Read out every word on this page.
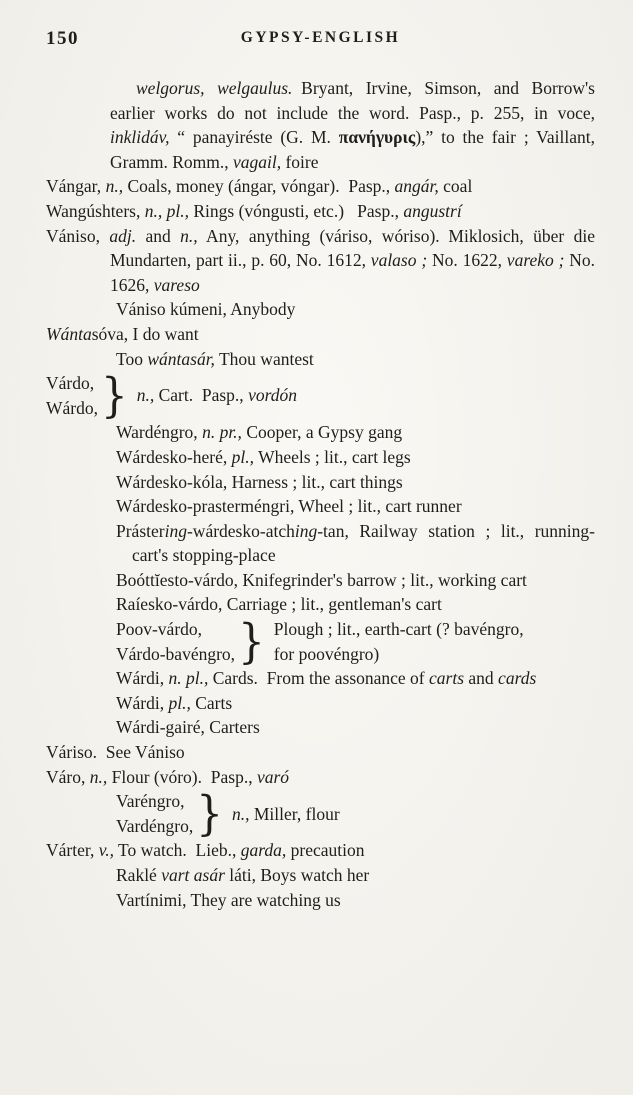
150	GYPSY-ENGLISH

welgorus, welgaulus. Bryant, Irvine, Simson, and Borrow's earlier works do not include the word. Pasp., p. 255, in voce, inklidáv, “ panayiréste (G. M. πανήγυρις),” to the fair ; Vaillant, Gramm. Romm., vagail, foire

Vángar, n., Coals, money (ángar, vóngar). Pasp., angár, coal

Wangúshters, n., pl., Rings (vóngusti, etc.)  Pasp., angustrí

Vániso, adj. and n., Any, anything (váriso, wóriso). Miklosich, über die Mundarten, part ii., p. 60, No. 1612, valaso ; No. 1622, vareko ; No. 1626, vareso

Vániso kúmeni, Anybody

Wántasóva, I do want

Too wántasár, Thou wantest

Várdo,
Wárdo, } n., Cart. Pasp., vordón

Wardéngro, n. pr., Cooper, a Gypsy gang

Wárdesko-heré, pl., Wheels ; lit., cart legs

Wárdesko-kóla, Harness ; lit., cart things

Wárdesko-prasterméngri, Wheel ; lit., cart runner

Prástering-wárdesko-atching-tan, Railway station ; lit., running-cart's stopping-place

Boóttĭesto-várdo, Knifegrinder's barrow ; lit., working cart

Raíesko-várdo, Carriage ; lit., gentleman's cart

Poov-várdo,
Várdo-bavéngro, } Plough ; lit., earth-cart (? bavéngro,
for poovéngro)

Wárdi, n. pl., Cards. From the assonance of carts and cards

Wárdi, pl., Carts

Wárdi-gairé, Carters

Váriso. See Vániso

Váro, n., Flour (vóro). Pasp., varó

Varéngro,
Vardéngro, } n., Miller, flour

Várter, v., To watch. Lieb., garda, precaution

Raklé vart asár láti, Boys watch her

Vartínimi, They are watching us
